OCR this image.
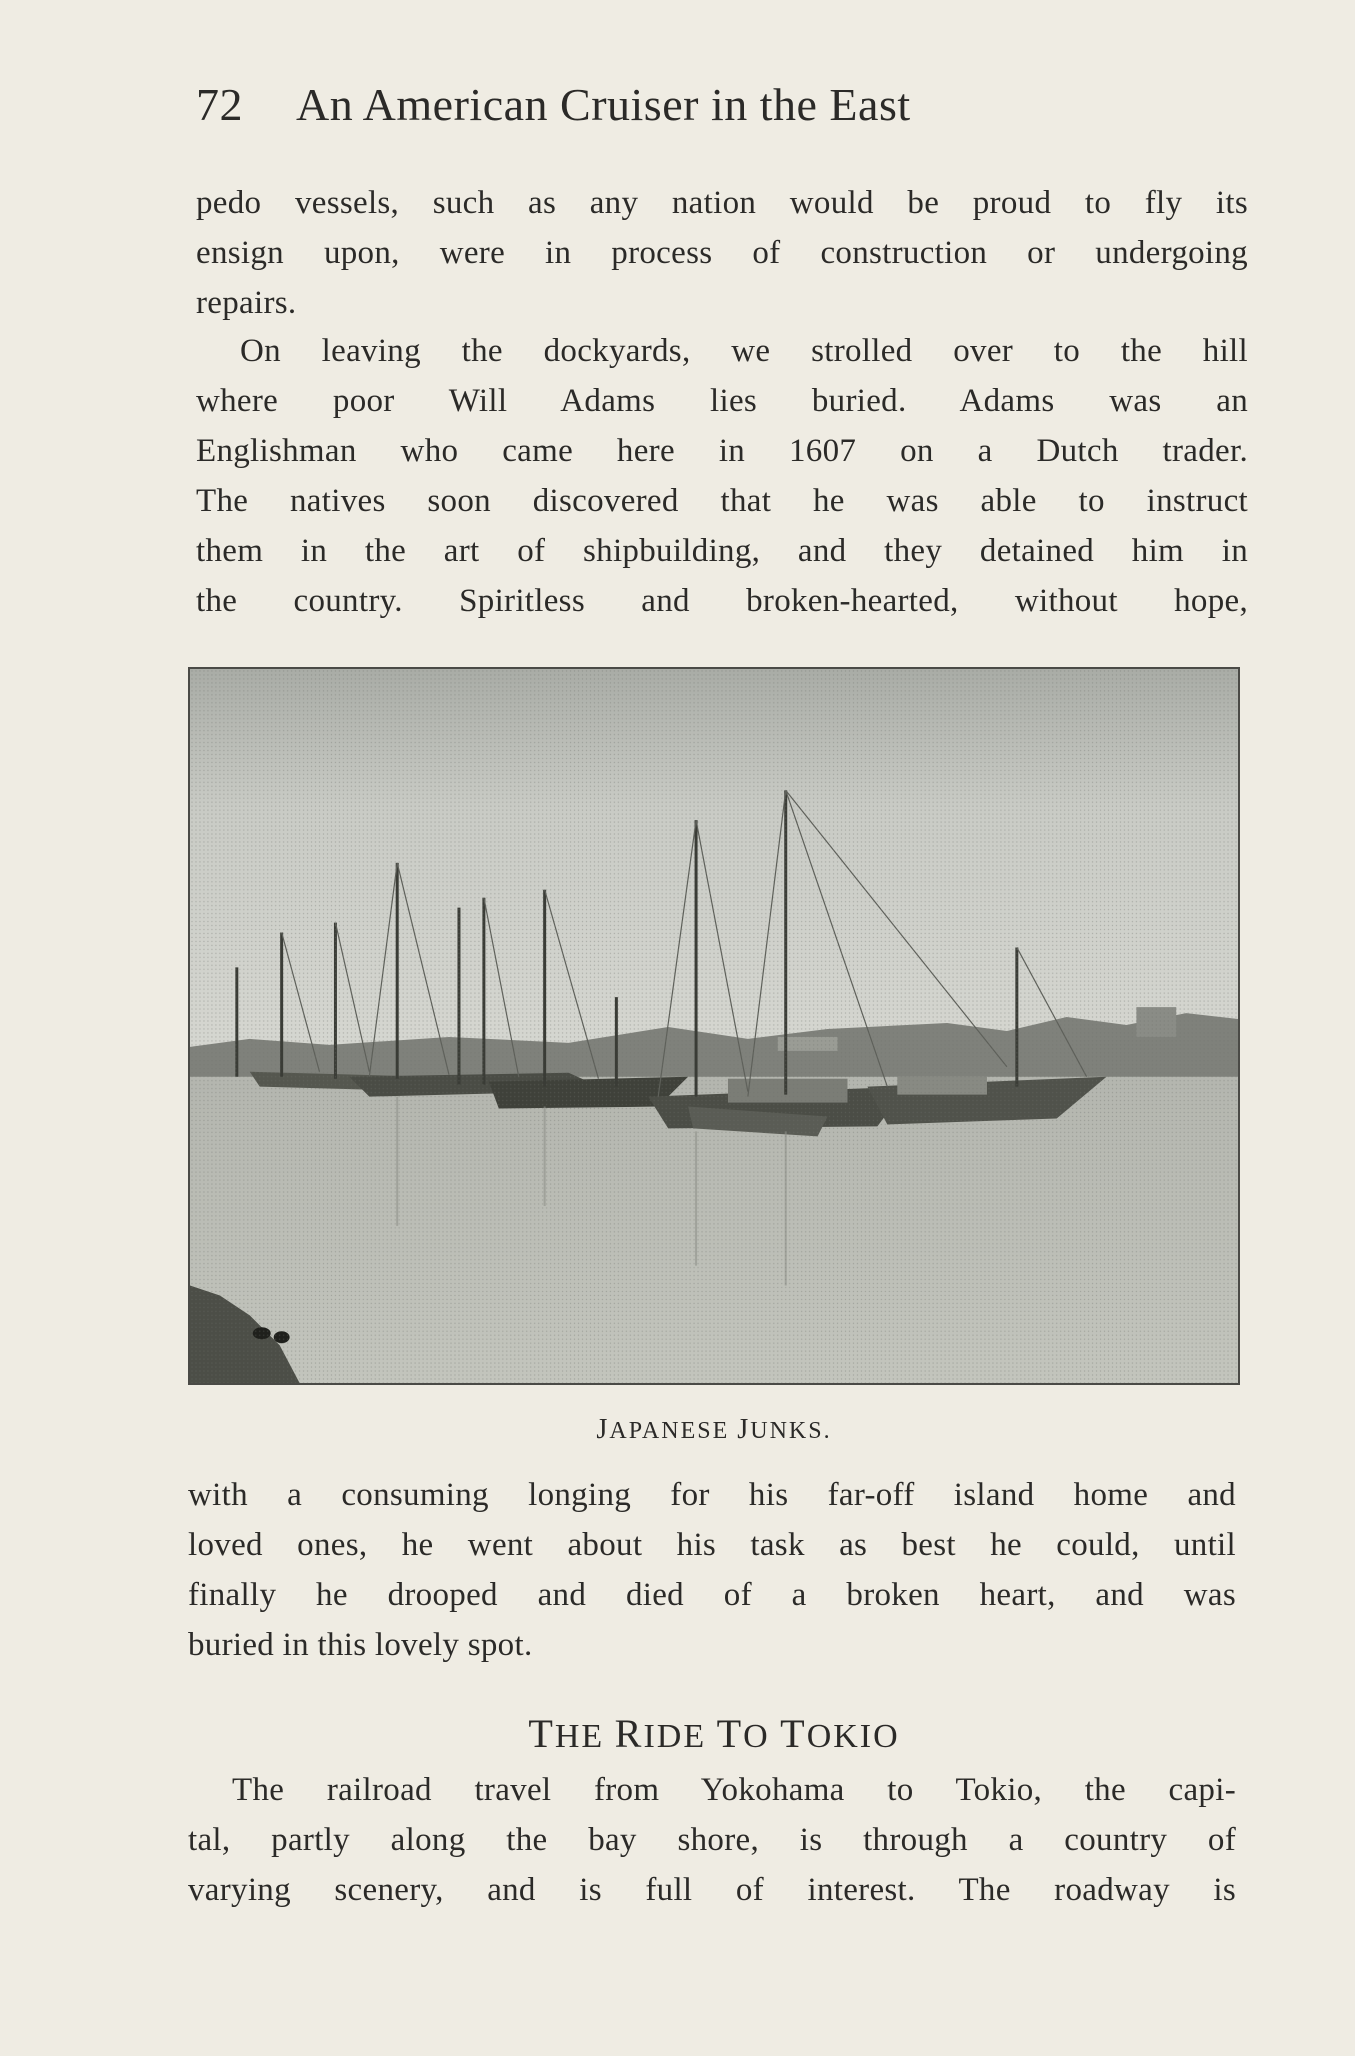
72 An American Cruiser in the East
pedo vessels, such as any nation would be proud to fly its
ensign upon, were in process of construction or undergoing
repairs.
On leaving the dockyards, we strolled over to the hill
where poor Will Adams lies buried. Adams was an
Englishman who came here in 1607 on a Dutch trader.
The natives soon discovered that he was able to instruct
them in the art of shipbuilding, and they detained him in
the country. Spiritless and broken-hearted, without hope,
JAPANESE JUNKS.
with a consuming longing for his far-off island home and
loved ones, he went about his task as best he could, until
finally he drooped and died of a broken heart, and was
buried in this lovely spot.
THE RIDE TO TOKIO
The railroad travel from Yokohama to Tokio, the capi-
tal, partly along the bay shore, is through a country of
varying scenery, and is full of interest. The roadway is
